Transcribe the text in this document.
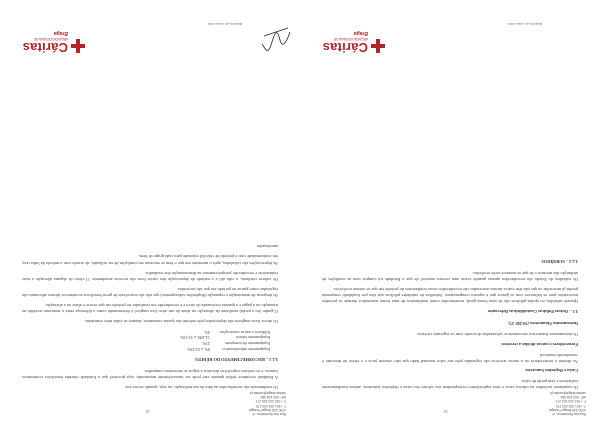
Rua dos Bombeiros, nº
4700-328 Braga Portugal
T: +351 253 203 270
F: +351 253 203 271
NIF: 502 428 984
caritas.braga@caritas.pt
14

Os rendimentos são reconhecidos na data da sua realização, ou seja, quando ocorre sua

A Entidade reconhece rédito quando este pode ser razoavelmente mensurado, seja provável que a Entidade obtenha benefícios económicos futuros, e os critérios específicos descritos a seguir se encontrem cumpridos.

3.2.3 – RECONHECIMENTO DO RÉDITO
Equipamento administrativo	8% a 33,33%
Equipamento de transporte	25%
Equipamento básico	14,28% a 33,33%
Edifícios e outras construções	2%

Os ativos fixos tangíveis são depreciados pelo método das quotas constantes, durante as vidas úteis estimadas:

O ganho (ou a perda) resultante da alienação ou abate de um ativo fixo tangível é determinado como a diferença entre o montante recebido na transação ou a pagar e a quantia escriturada do ativo e é reconhecido em resultados no período em que ocorre o abate ou a alienação.

As despesas de manutenção e reparação (dispêndios subsequentes) que não são suscetíveis de gerar benefícios económicos futuros adicionais são registadas como gastos no período em que são incorridas.

Os valores residuais, a vida útil e o método de depreciação dos vários bens são revistos anualmente. O efeito de alguma alteração a estas estimativas é reconhecido prospetivamente na demonstração dos resultados.

As depreciações são calculadas, após o momento em que o bem se encontra em condições de ser utilizado, de acordo com o método da linha reta, em conformidade com o período de vida útil estimado para cada grupo de bens.

amortizadas.

Relatório de contas 2024
Cáritas
ARQUIDIOCESANA DE
Braga
Rua dos Bombeiros, nº
4700-328 Braga Portugal
T: +351 253 203 270
F: +351 253 203 271
NIF: 502 428 984
caritas.braga@caritas.pt
13

Os montantes incluídos na rubrica caixa e seus equivalentes correspondem aos valores em caixa e depósitos bancários, ambos imediatamente realizáveis e sem perda de valor.

Caixa e Depósitos bancários

As dívidas a fornecedores ou a outros terceiros são registadas pelo seu valor nominal dado que não vencem juros e o efeito do desconto é considerado imaterial.

Fornecedores e outras dívidas a terceiros

Os instrumentos financeiros encontram-se valorizados de acordo com os seguintes critérios:

Instrumentos Financeiros (NCRF 27)
3.3 – Outras Políticas Contabilísticas Relevantes

Quando subsídios ou ajudas públicas são de uma forma geral, reconhecidos como rendimentos de uma forma sistemática durante os períodos necessários para os balancear com os gastos que é suposto compensarem. Subsídios de entidades públicas que têm por finalidade compensar perdas já incorridas ou que não têm custos futuros associados são reconhecidos como rendimentos do período em que se tornam recebíveis.

Os subsídios do Estado são reconhecidos apenas quando existe uma certeza razoável de que a Entidade irá cumprir com as condições de atribuição dos mesmos e de que os mesmos serão recebidos.

3.2.2 – SUBSÍDIOS
Relatório de contas 2024
Cáritas
ARQUIDIOCESANA DE
Braga
